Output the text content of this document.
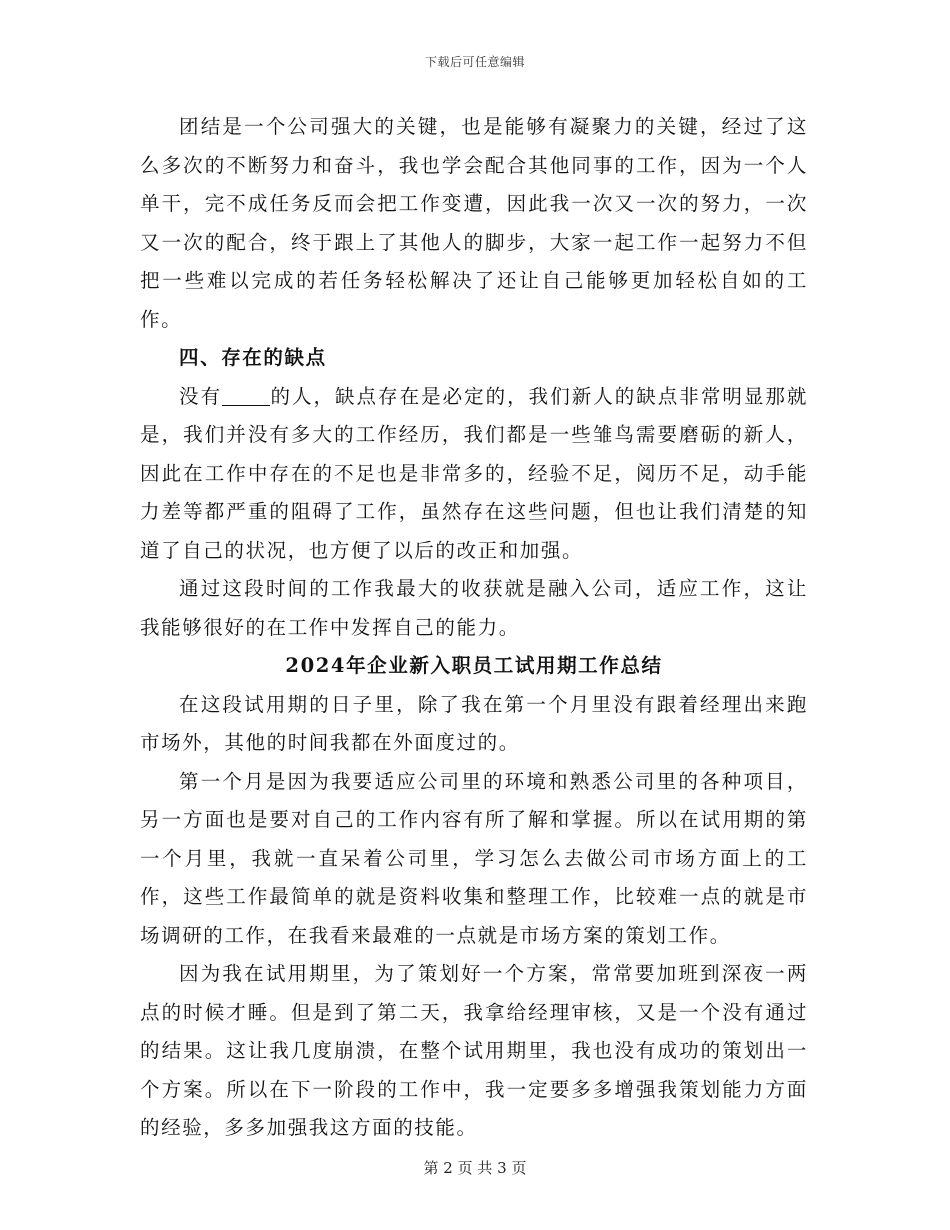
下载后可任意编辑

团结是一个公司强大的关键，也是能够有凝聚力的关键，经过了这么多次的不断努力和奋斗，我也学会配合其他同事的工作，因为一个人单干，完不成任务反而会把工作变遭，因此我一次又一次的努力，一次又一次的配合，终于跟上了其他人的脚步，大家一起工作一起努力不但把一些难以完成的若任务轻松解决了还让自己能够更加轻松自如的工作。

四、存在的缺点

没有 的人，缺点存在是必定的，我们新人的缺点非常明显那就是，我们并没有多大的工作经历，我们都是一些雏鸟需要磨砺的新人，因此在工作中存在的不足也是非常多的，经验不足，阅历不足，动手能力差等都严重的阻碍了工作，虽然存在这些问题，但也让我们清楚的知道了自己的状况，也方便了以后的改正和加强。

通过这段时间的工作我最大的收获就是融入公司，适应工作，这让我能够很好的在工作中发挥自己的能力。

2024年企业新入职员工试用期工作总结

在这段试用期的日子里，除了我在第一个月里没有跟着经理出来跑市场外，其他的时间我都在外面度过的。

第一个月是因为我要适应公司里的环境和熟悉公司里的各种项目，另一方面也是要对自己的工作内容有所了解和掌握。所以在试用期的第一个月里，我就一直呆着公司里，学习怎么去做公司市场方面上的工作，这些工作最简单的就是资料收集和整理工作，比较难一点的就是市场调研的工作，在我看来最难的一点就是市场方案的策划工作。

因为我在试用期里，为了策划好一个方案，常常要加班到深夜一两点的时候才睡。但是到了第二天，我拿给经理审核，又是一个没有通过的结果。这让我几度崩溃，在整个试用期里，我也没有成功的策划出一个方案。所以在下一阶段的工作中，我一定要多多增强我策划能力方面的经验，多多加强我这方面的技能。

第 2 页 共 3 页
